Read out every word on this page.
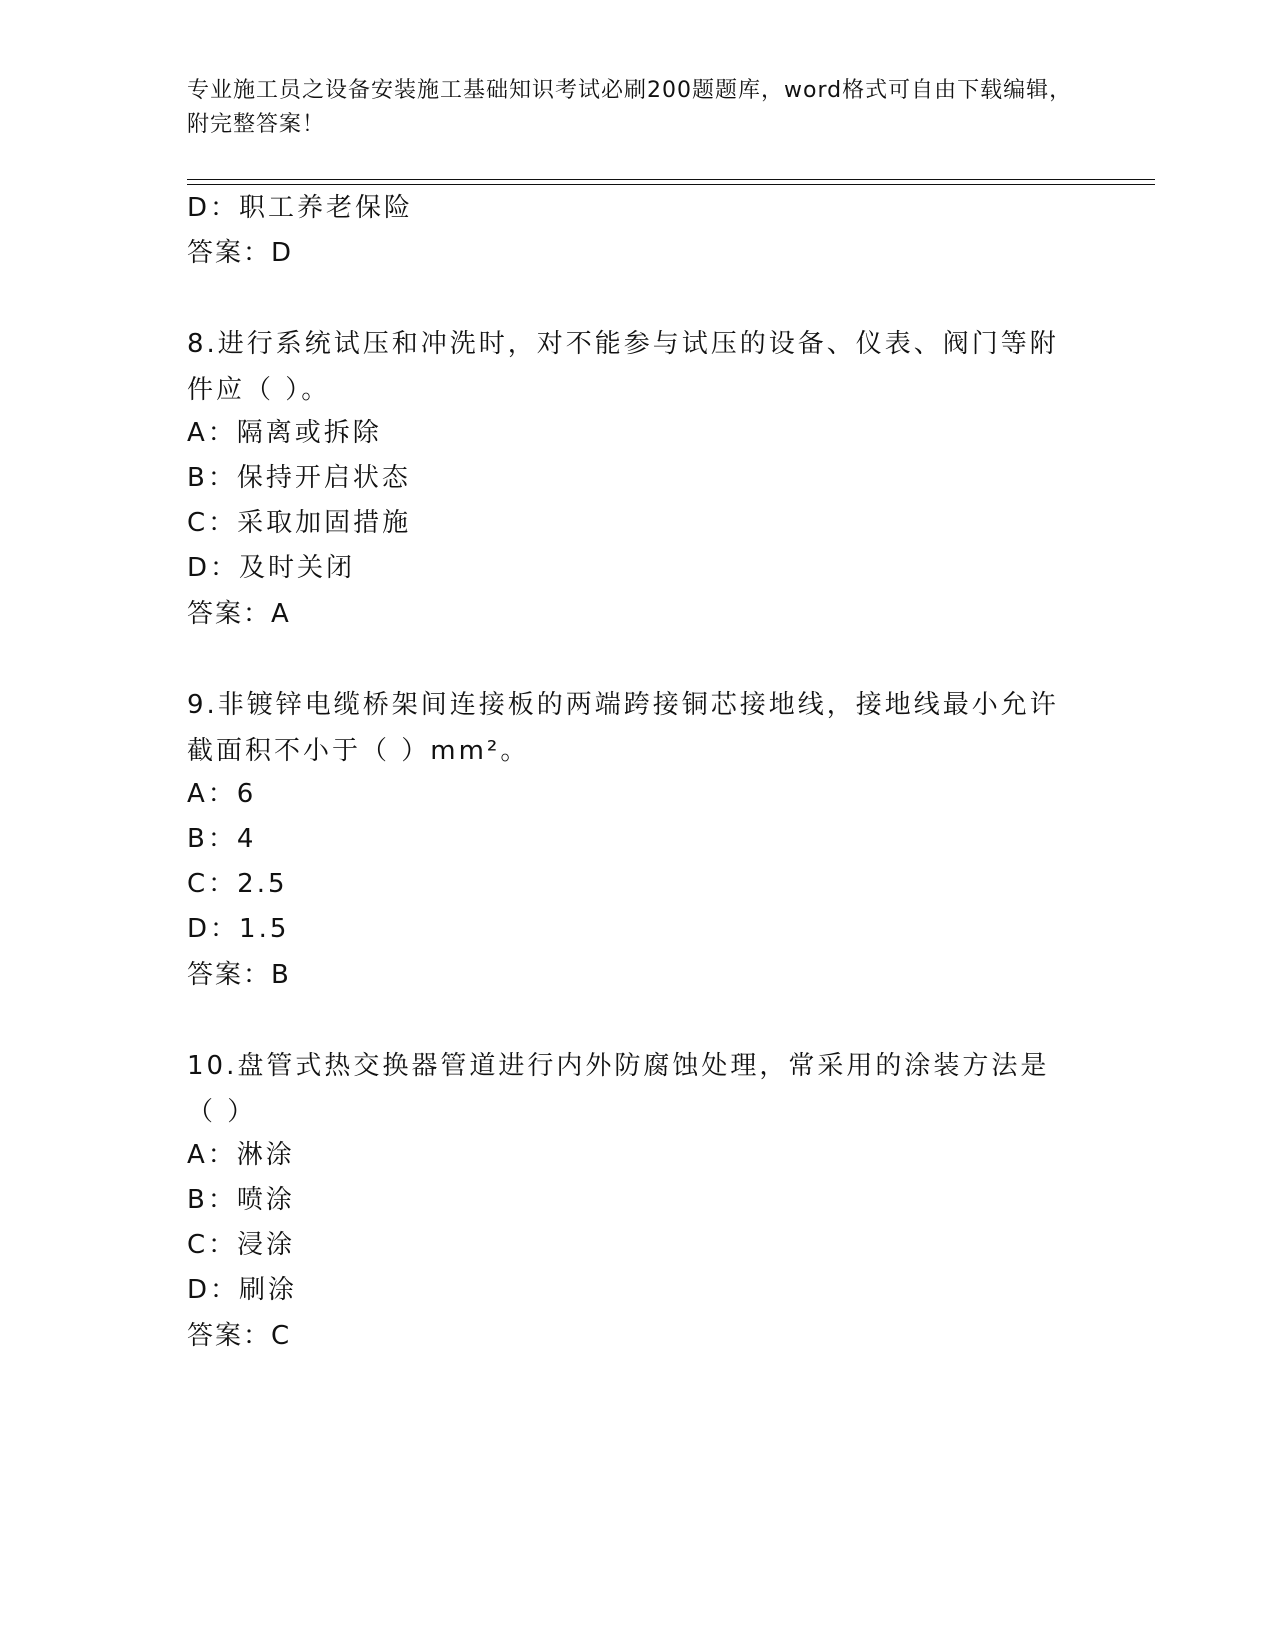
专业施工员之设备安装施工基础知识考试必刷200题题库，word格式可自由下载编辑，附完整答案！
D：职工养老保险
答案：D
8.进行系统试压和冲洗时，对不能参与试压的设备、仪表、阀门等附件应（ ）。
A：隔离或拆除
B：保持开启状态
C：采取加固措施
D：及时关闭
答案：A
9.非镀锌电缆桥架间连接板的两端跨接铜芯接地线，接地线最小允许截面积不小于（ ）mm²。
A：6
B：4
C：2.5
D：1.5
答案：B
10.盘管式热交换器管道进行内外防腐蚀处理，常采用的涂装方法是（ ）
A：淋涂
B：喷涂
C：浸涂
D：刷涂
答案：C
